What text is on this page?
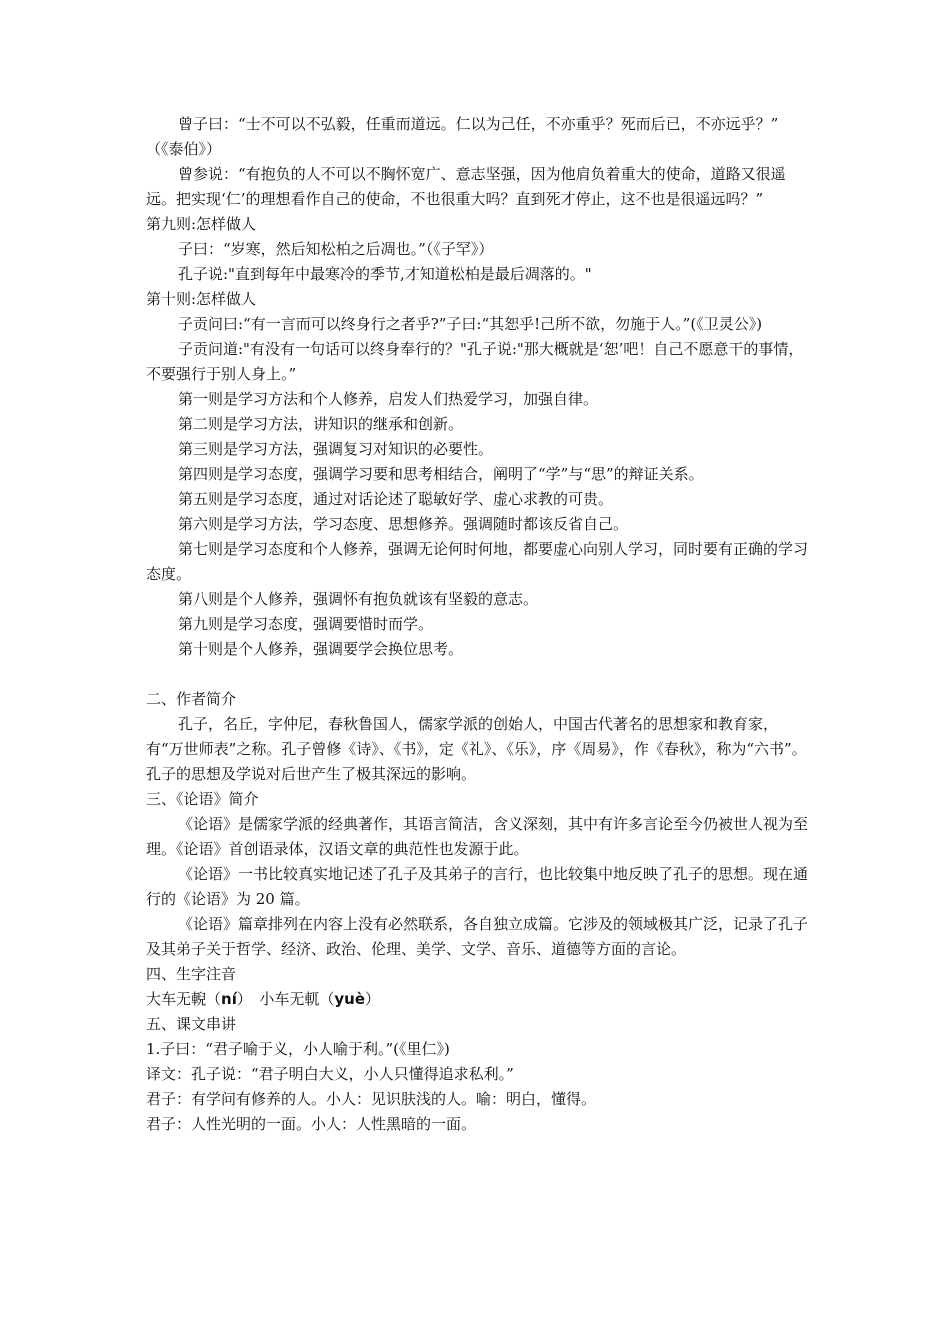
曾子曰：“士不可以不弘毅，任重而道远。仁以为己任，不亦重乎？死而后已，不亦远乎？”　（《泰伯》）

曾参说：“有抱负的人不可以不胸怀宽广、意志坚强，因为他肩负着重大的使命，道路又很遥远。把实现‘仁’的理想看作自己的使命，不也很重大吗？直到死才停止，这不也是很遥远吗？”

第九则:怎样做人

子曰：“岁寒，然后知松柏之后凋也。”（《子罕》）

孔子说:"直到每年中最寒冷的季节,才知道松柏是最后凋落的。"

第十则:怎样做人

子贡问曰:“有一言而可以终身行之者乎?”子曰:“其恕乎!己所不欲，勿施于人。”(《卫灵公》)

子贡问道:"有没有一句话可以终身奉行的？"孔子说:"那大概就是‘恕’吧！自己不愿意干的事情，不要强行于别人身上。”

第一则是学习方法和个人修养，启发人们热爱学习，加强自律。

第二则是学习方法，讲知识的继承和创新。

第三则是学习方法，强调复习对知识的必要性。

第四则是学习态度，强调学习要和思考相结合，阐明了“学”与“思”的辩证关系。

第五则是学习态度，通过对话论述了聪敏好学、虚心求教的可贵。

第六则是学习方法，学习态度、思想修养。强调随时都该反省自己。

第七则是学习态度和个人修养，强调无论何时何地，都要虚心向别人学习，同时要有正确的学习态度。

第八则是个人修养，强调怀有抱负就该有坚毅的意志。

第九则是学习态度，强调要惜时而学。

第十则是个人修养，强调要学会换位思考。

二、作者简介

孔子，名丘，字仲尼，春秋鲁国人，儒家学派的创始人，中国古代著名的思想家和教育家，有“万世师表”之称。孔子曾修《诗》、《书》，定《礼》、《乐》，序《周易》，作《春秋》，称为“六书”。孔子的思想及学说对后世产生了极其深远的影响。

三、《论语》简介

《论语》是儒家学派的经典著作，其语言简洁，含义深刻，其中有许多言论至今仍被世人视为至理。《论语》首创语录体，汉语文章的典范性也发源于此。

《论语》一书比较真实地记述了孔子及其弟子的言行，也比较集中地反映了孔子的思想。现在通行的《论语》为 20 篇。

《论语》篇章排列在内容上没有必然联系，各自独立成篇。它涉及的领域极其广泛，记录了孔子及其弟子关于哲学、经济、政治、伦理、美学、文学、音乐、道德等方面的言论。

四、生字注音

大车无輗（ní）　小车无軏（yuè）

五、课文串讲

1.子曰：“君子喻于义，小人喻于利。”(《里仁》)

译文：孔子说：“君子明白大义，小人只懂得追求私利。”

君子：有学问有修养的人。小人：见识肤浅的人。喻：明白，懂得。

君子：人性光明的一面。小人：人性黑暗的一面。
